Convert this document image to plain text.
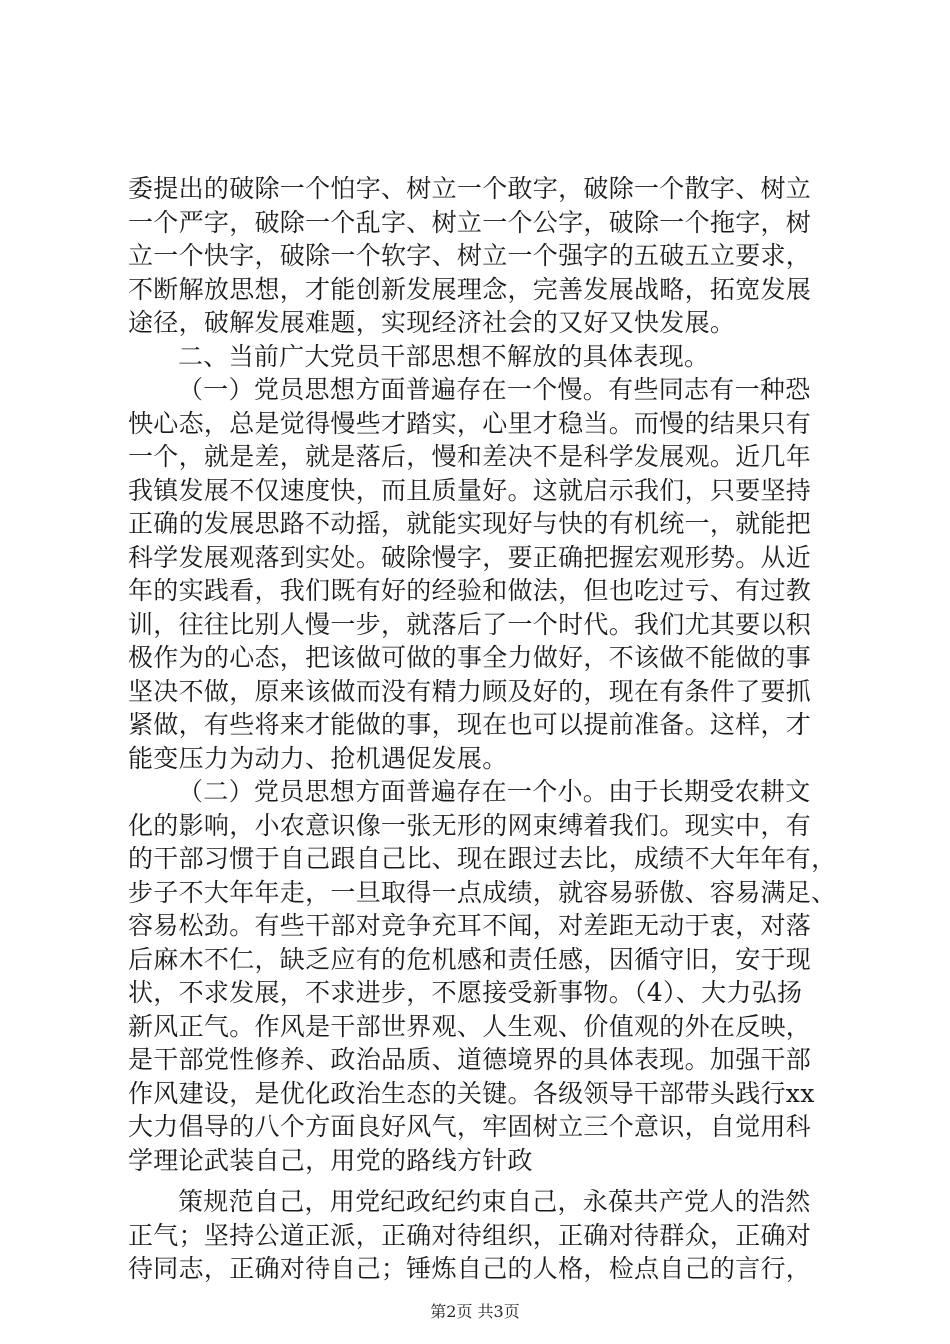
委提出的破除一个怕字、树立一个敢字，破除一个散字、树立
一个严字，破除一个乱字、树立一个公字，破除一个拖字，树
立一个快字，破除一个软字、树立一个强字的五破五立要求，
不断解放思想，才能创新发展理念，完善发展战略，拓宽发展
途径，破解发展难题，实现经济社会的又好又快发展。
二、当前广大党员干部思想不解放的具体表现。
（一）党员思想方面普遍存在一个慢。有些同志有一种恐
怏心态，总是觉得慢些才踏实，心里才稳当。而慢的结果只有
一个，就是差，就是落后，慢和差决不是科学发展观。近几年
我镇发展不仅速度快，而且质量好。这就启示我们，只要坚持
正确的发展思路不动摇，就能实现好与快的有机统一，就能把
科学发展观落到实处。破除慢字，要正确把握宏观形势。从近
年的实践看，我们既有好的经验和做法，但也吃过亏、有过教
训，往往比别人慢一步，就落后了一个时代。我们尤其要以积
极作为的心态，把该做可做的事全力做好，不该做不能做的事
坚决不做，原来该做而没有精力顾及好的，现在有条件了要抓
紧做，有些将来才能做的事，现在也可以提前准备。这样，才
能变压力为动力、抢机遇促发展。
（二）党员思想方面普遍存在一个小。由于长期受农耕文
化的影响，小农意识像一张无形的网束缚着我们。现实中，有
的干部习惯于自己跟自己比、现在跟过去比，成绩不大年年有，
步子不大年年走，一旦取得一点成绩，就容易骄傲、容易满足、
容易松劲。有些干部对竞争充耳不闻，对差距无动于衷，对落
后麻木不仁，缺乏应有的危机感和责任感，因循守旧，安于现
状，不求发展，不求进步，不愿接受新事物。（4）、大力弘扬
新风正气。作风是干部世界观、人生观、价值观的外在反映，
是干部党性修养、政治品质、道德境界的具体表现。加强干部
作风建设，是优化政治生态的关键。各级领导干部带头践行xx
大力倡导的八个方面良好风气，牢固树立三个意识，自觉用科
学理论武装自己，用党的路线方针政
策规范自己，用党纪政纪约束自己，永葆共产党人的浩然
正气；坚持公道正派，正确对待组织，正确对待群众，正确对
待同志，正确对待自己；锤炼自己的人格，检点自己的言行，
第2页 共3页
